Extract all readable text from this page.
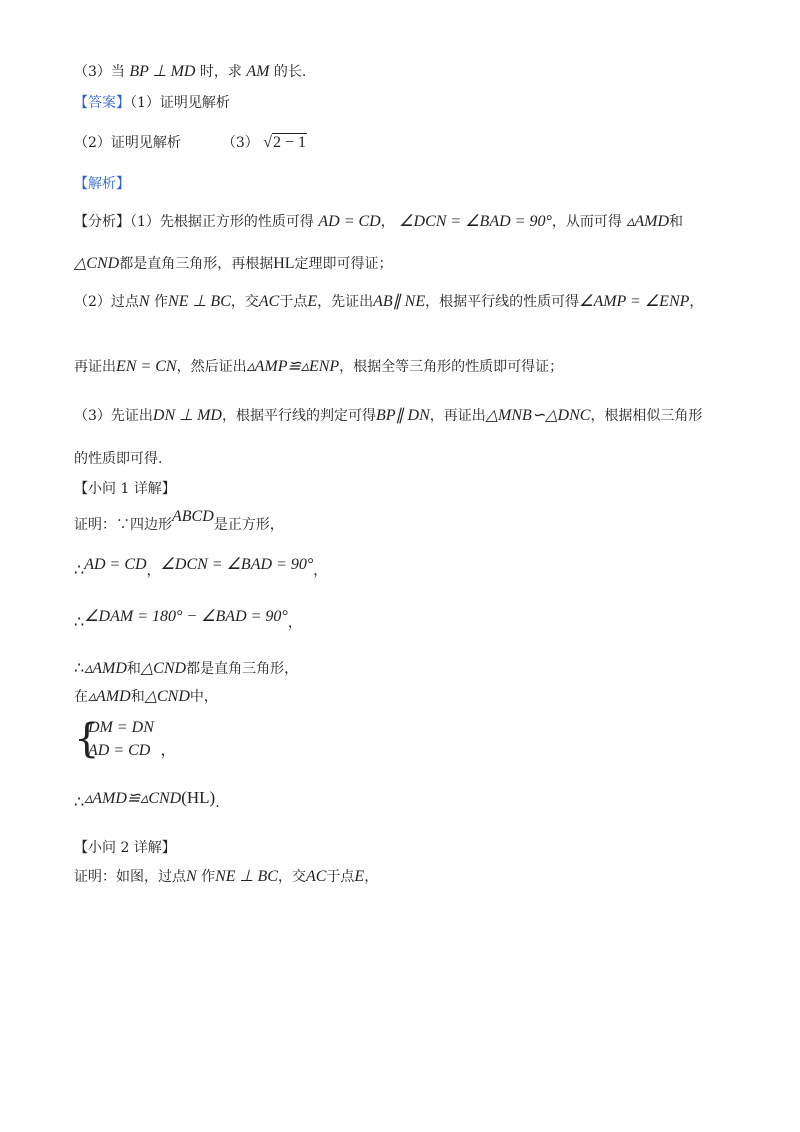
（3）当 BP ⊥ MD 时，求 AM 的长.
【答案】（1）证明见解析
（2）证明见解析	（3） √2 − 1
【解析】
【分析】（1）先根据正方形的性质可得 AD = CD， ∠DCN = ∠BAD = 90°，从而可得 ▵AMD和
△CND都是直角三角形，再根据HL定理即可得证；
（2）过点N 作NE ⊥ BC，交AC于点E，先证出AB∥ NE，根据平行线的性质可得∠AMP = ∠ENP，
再证出EN = CN，然后证出▵AMP≌▵ENP，根据全等三角形的性质即可得证；
（3）先证出DN ⊥ MD，根据平行线的判定可得BP∥ DN，再证出△MNB∽△DNC，根据相似三角形
的性质即可得.
【小问 1 详解】
证明：∵四边形ABCD是正方形，
∴AD = CD，∠DCN = ∠BAD = 90°，
∴∠DAM = 180° − ∠BAD = 90°，
∴▵AMD和△CND都是直角三角形，
在▵AMD和△CND中，
{
DM = DN
AD = CD ，
∴▵AMD≌▵CND(HL).
【小问 2 详解】
证明：如图，过点N 作NE ⊥ BC，交AC于点E，
